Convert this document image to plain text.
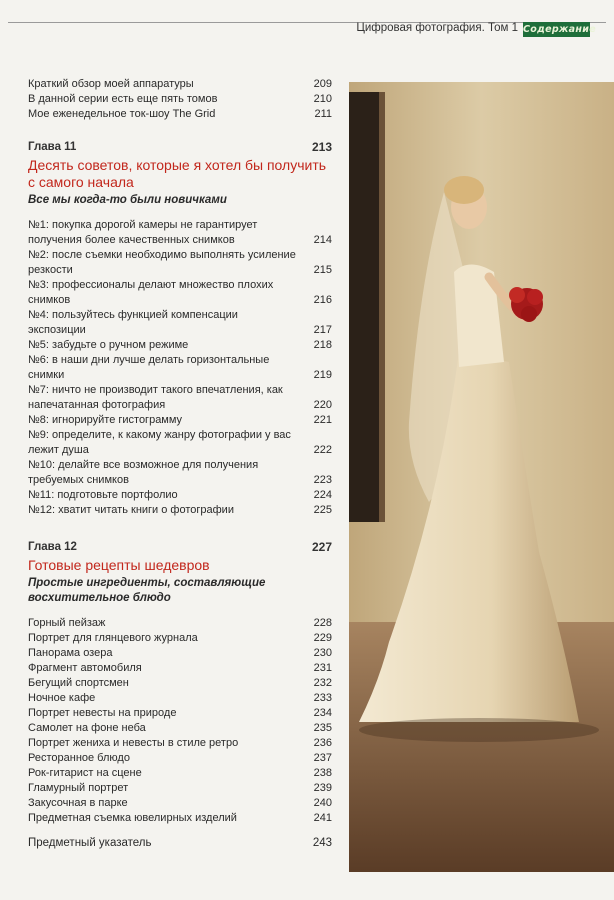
Цифровая фотография. Том 1 Содержание
Краткий обзор моей аппаратуры	209
В данной серии есть еще пять томов	210
Мое еженедельное ток-шоу The Grid	211
Глава 11	213
Десять советов, которые я хотел бы получить с самого начала
Все мы когда-то были новичками
№1: покупка дорогой камеры не гарантирует получения более качественных снимков	214
№2: после съемки необходимо выполнять усиление резкости	215
№3: профессионалы делают множество плохих снимков	216
№4: пользуйтесь функцией компенсации экспозиции	217
№5: забудьте о ручном режиме	218
№6: в наши дни лучше делать горизонтальные снимки	219
№7: ничто не производит такого впечатления, как напечатанная фотография	220
№8: игнорируйте гистограмму	221
№9: определите, к какому жанру фотографии у вас лежит душа	222
№10: делайте все возможное для получения требуемых снимков	223
№11: подготовьте портфолио	224
№12: хватит читать книги о фотографии	225
Глава 12	227
Готовые рецепты шедевров
Простые ингредиенты, составляющие восхитительное блюдо
Горный пейзаж	228
Портрет для глянцевого журнала	229
Панорама озера	230
Фрагмент автомобиля	231
Бегущий спортсмен	232
Ночное кафе	233
Портрет невесты на природе	234
Самолет на фоне неба	235
Портрет жениха и невесты в стиле ретро	236
Ресторанное блюдо	237
Рок-гитарист на сцене	238
Гламурный портрет	239
Закусочная в парке	240
Предметная съемка ювелирных изделий	241
Предметный указатель	243
